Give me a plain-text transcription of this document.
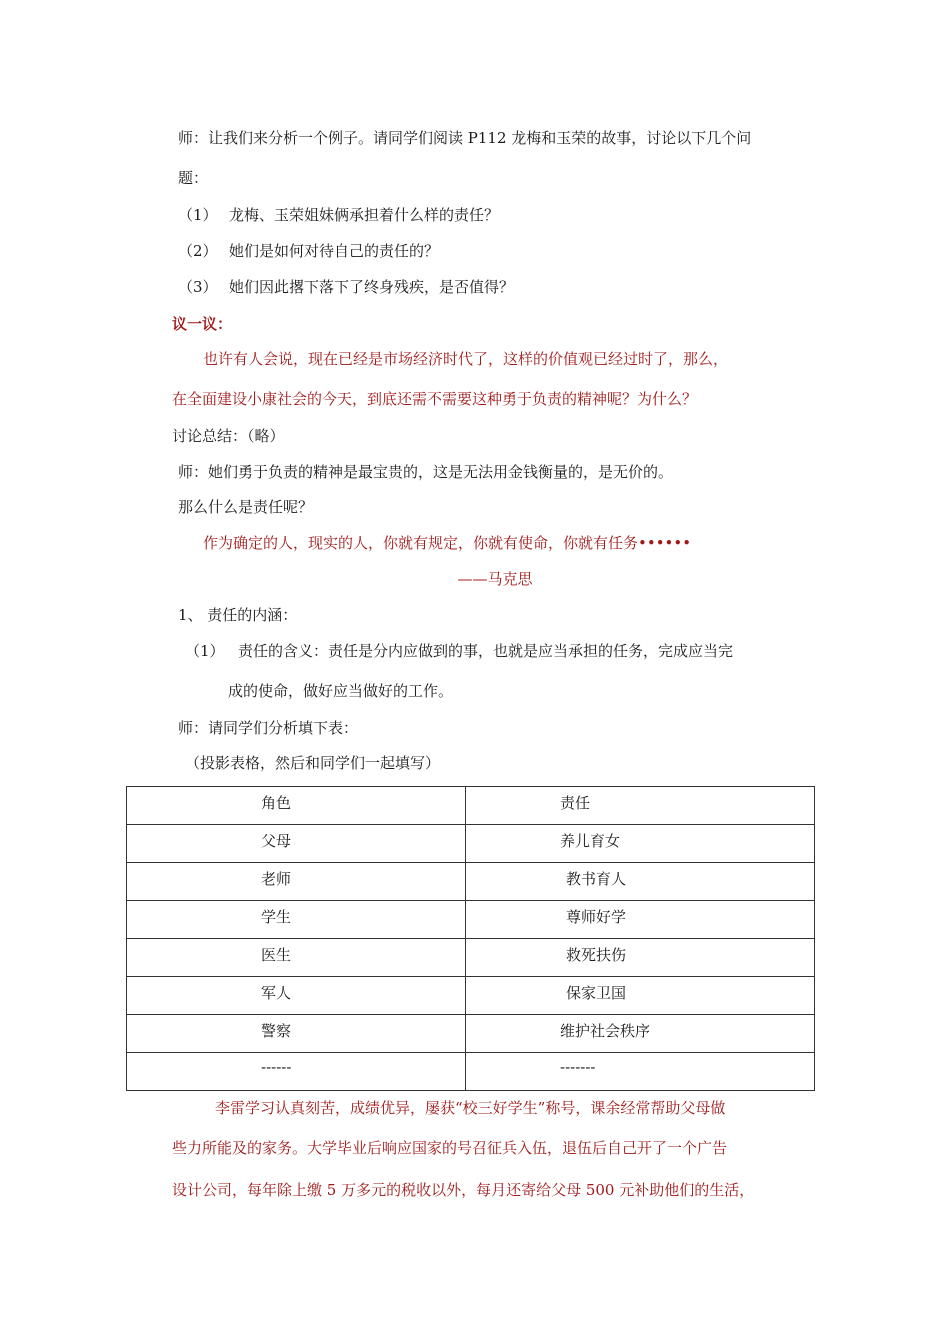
师：让我们来分析一个例子。请同学们阅读 P112 龙梅和玉荣的故事，讨论以下几个问
题：
（1） 龙梅、玉荣姐妹俩承担着什么样的责任？
（2） 她们是如何对待自己的责任的？
（3） 她们因此撂下落下了终身残疾，是否值得？
议一议：
也许有人会说，现在已经是市场经济时代了，这样的价值观已经过时了，那么，
在全面建设小康社会的今天，到底还需不需要这种勇于负责的精神呢？为什么？
讨论总结：（略）
师：她们勇于负责的精神是最宝贵的，这是无法用金钱衡量的，是无价的。
那么什么是责任呢？
作为确定的人，现实的人，你就有规定，你就有使命，你就有任务••••••
——马克思
1、 责任的内涵：
（1） 责任的含义：责任是分内应做到的事，也就是应当承担的任务，完成应当完
成的使命，做好应当做好的工作。
师：请同学们分析填下表：
（投影表格，然后和同学们一起填写）
角色	责任

父母	养儿育女

老师	教书育人

学生	尊师好学

医生	救死扶伤

军人	保家卫国

警察	维护社会秩序

------	-------
李雷学习认真刻苦，成绩优异，屡获“校三好学生”称号，课余经常帮助父母做
些力所能及的家务。大学毕业后响应国家的号召征兵入伍，退伍后自己开了一个广告
设计公司，每年除上缴 5 万多元的税收以外，每月还寄给父母 500 元补助他们的生活，
